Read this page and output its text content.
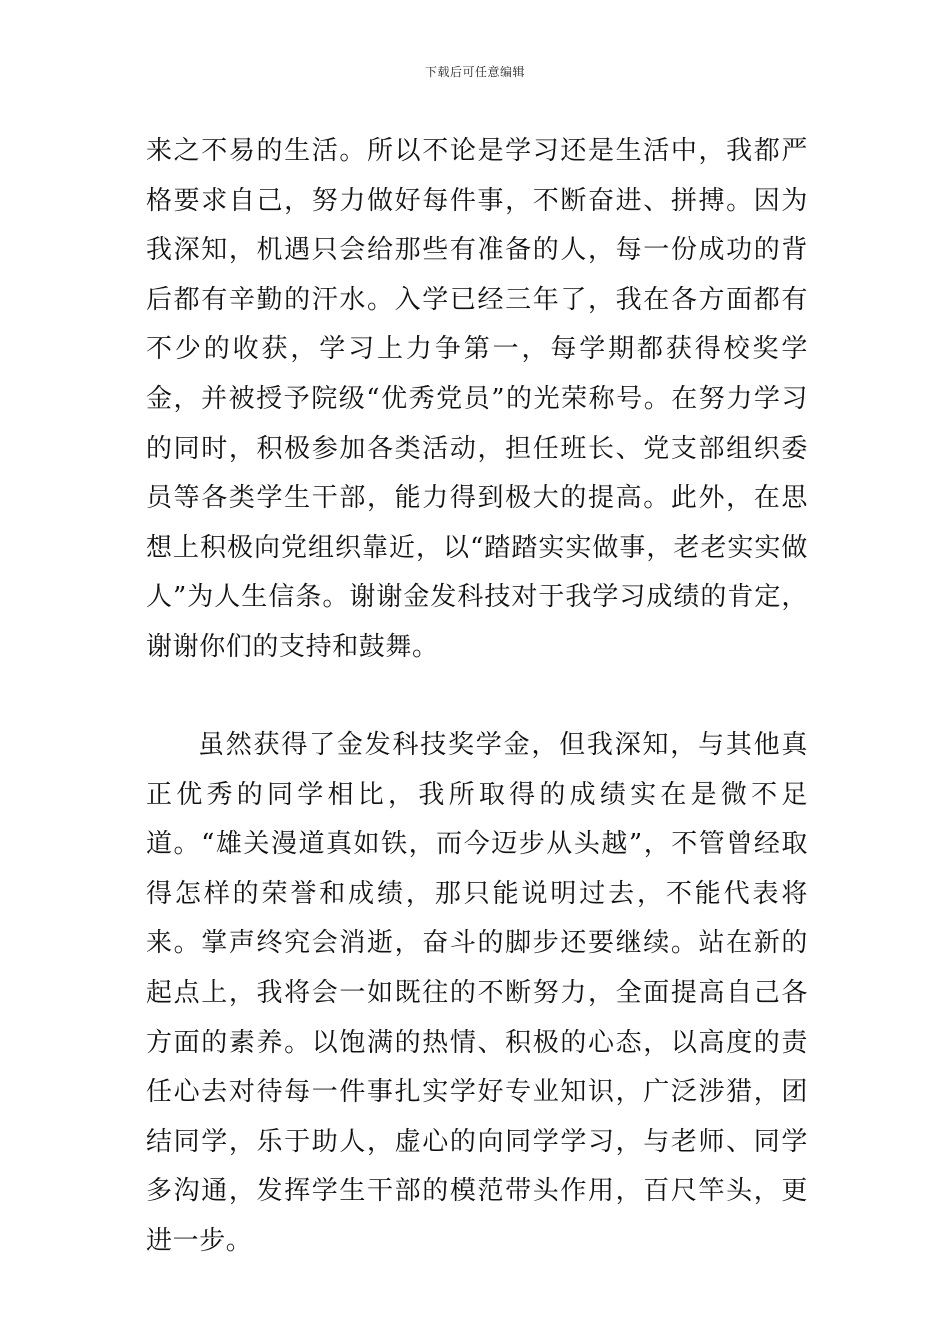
下载后可任意编辑

来之不易的生活。所以不论是学习还是生活中，我都严格要求自己，努力做好每件事，不断奋进、拼搏。因为我深知，机遇只会给那些有准备的人，每一份成功的背后都有辛勤的汗水。入学已经三年了，我在各方面都有不少的收获，学习上力争第一，每学期都获得校奖学金，并被授予院级“优秀党员”的光荣称号。在努力学习的同时，积极参加各类活动，担任班长、党支部组织委员等各类学生干部，能力得到极大的提高。此外，在思想上积极向党组织靠近，以“踏踏实实做事，老老实实做人”为人生信条。谢谢金发科技对于我学习成绩的肯定，谢谢你们的支持和鼓舞。

虽然获得了金发科技奖学金，但我深知，与其他真正优秀的同学相比，我所取得的成绩实在是微不足道。“雄关漫道真如铁，而今迈步从头越”，不管曾经取得怎样的荣誉和成绩，那只能说明过去，不能代表将来。掌声终究会消逝，奋斗的脚步还要继续。站在新的起点上，我将会一如既往的不断努力，全面提高自己各方面的素养。以饱满的热情、积极的心态，以高度的责任心去对待每一件事扎实学好专业知识，广泛涉猎，团结同学，乐于助人，虚心的向同学学习，与老师、同学多沟通，发挥学生干部的模范带头作用，百尺竿头，更进一步。
